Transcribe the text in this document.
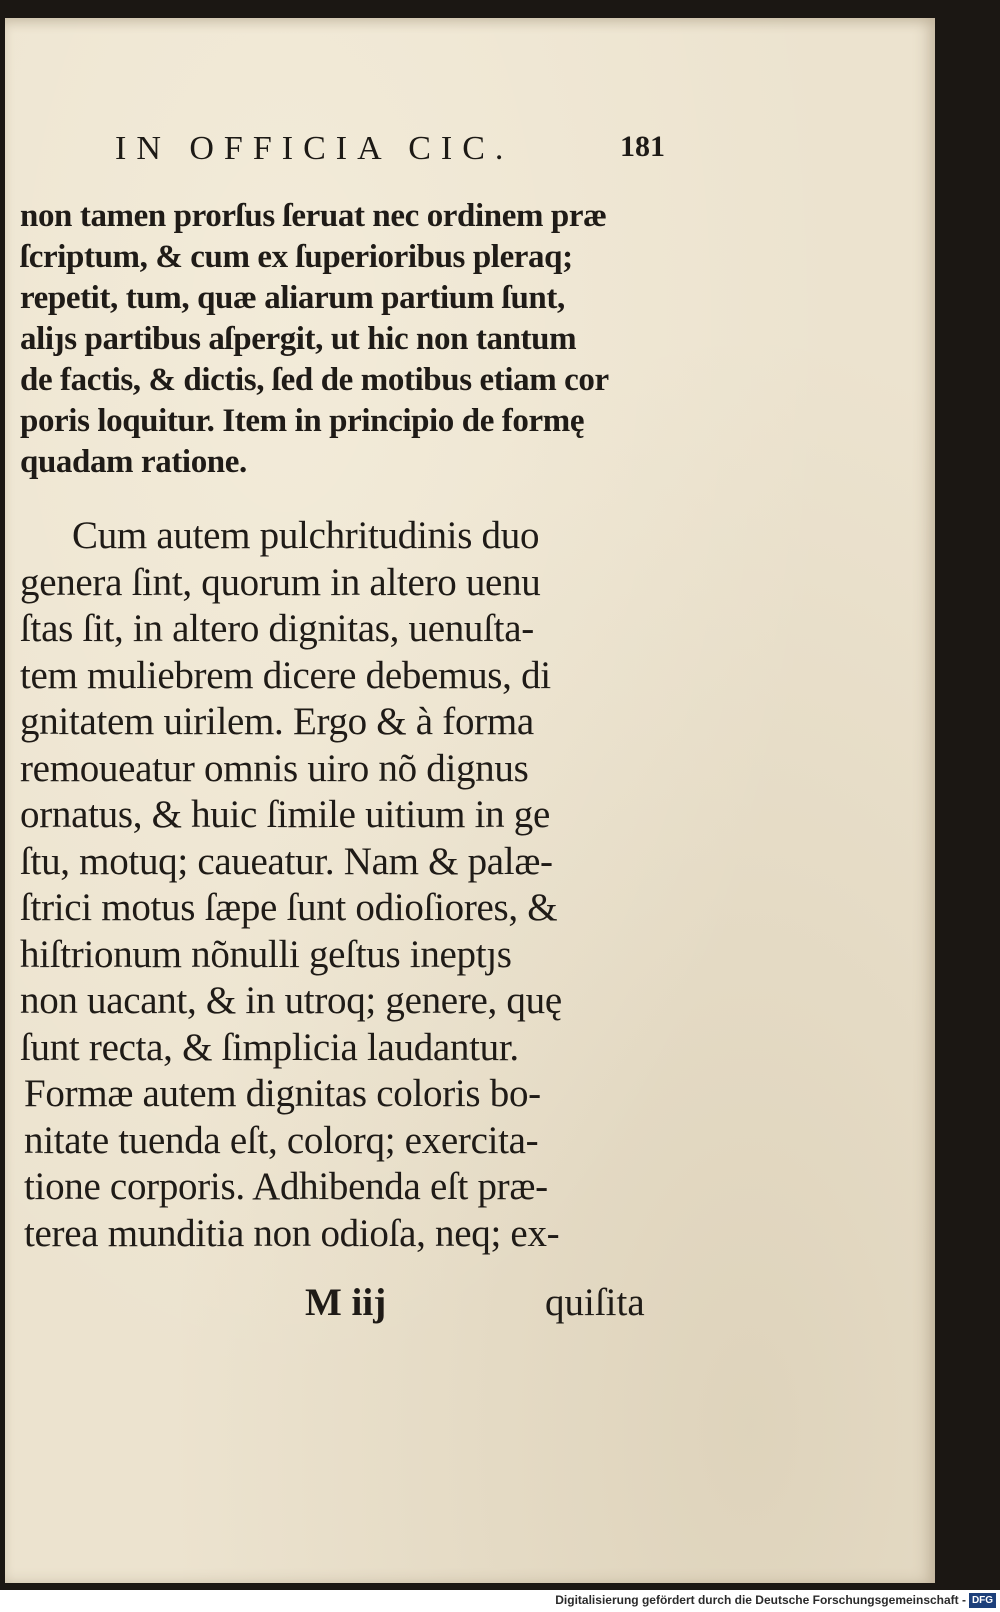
IN OFFICIA CIC.	181
non tamen prorſus ſeruat nec ordinem præ
ſcriptum, & cum ex ſuperioribus pleraq;
repetit, tum, quæ aliarum partium ſunt,
aliȷs partibus aſpergit, ut hic non tantum
de factis, & dictis, ſed de motibus etiam cor
poris loquitur. Item in principio de formę
quadam ratione.
Cum autem pulchritudinis duo
genera ſint, quorum in altero uenu
ſtas ſit, in altero dignitas, uenuſta-
tem muliebrem dicere debemus, di
gnitatem uirilem. Ergo & à forma
remoueatur omnis uiro nõ dignus
ornatus, & huic ſimile uitium in ge
ſtu, motuq; caueatur. Nam & palæ-
ſtrici motus ſæpe ſunt odioſiores, &
hiſtrionum nõnulli geſtus ineptȷs
non uacant, & in utroq; genere, quę
ſunt recta, & ſimplicia laudantur.
Formæ autem dignitas coloris bo-
nitate tuenda eſt, colorq; exercita-
tione corporis. Adhibenda eſt præ-
terea munditia non odioſa, neq; ex-
M iij	quiſita
Digitalisierung gefördert durch die Deutsche Forschungsgemeinschaft - DFG
